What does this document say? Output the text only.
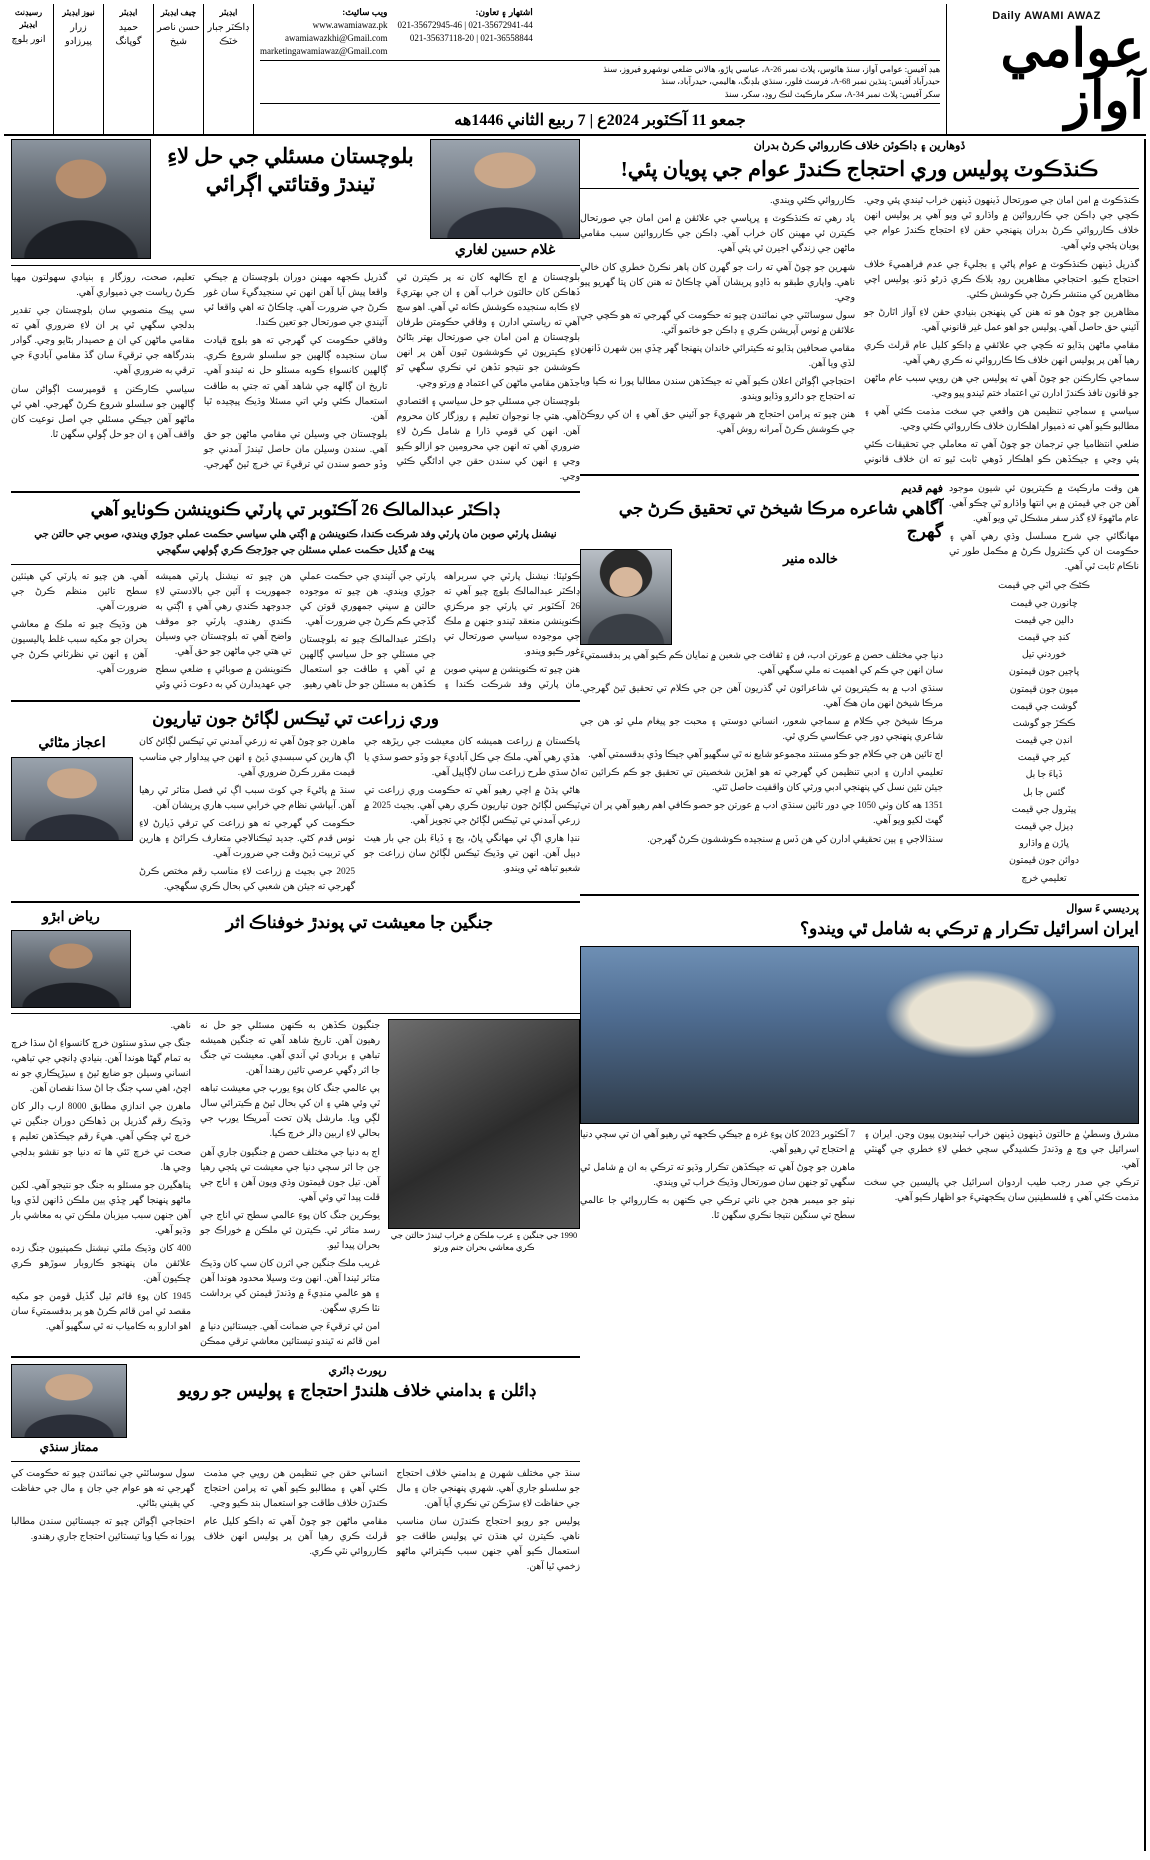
Daily AWAMI AWAZ
عوامي آواز
ويب سائيٽ:
www.awamiawaz.pk
awamiawazkhi@Gmail.com
marketingawamiawaz@Gmail.com
اشتهار ۽ تعاون:
021-35672941-44 | 021-35672945-46
021-36558844 | 021-35637118-20
هيڊ آفيس: عوامي آواز، سنڌ هائوس، پلاٽ نمبر A-26، عباسي پاڙو، هالاني ضلعي نوشهرو فيروز، سنڌ
حيدرآباد آفيس: پنڌين نمبر A-68، فرسٽ فلور، سنڌي بلڊنگ، هاليمي، حيدرآباد، سنڌ
سکر آفيس: پلاٽ نمبر 34-A، سکر مارڪيٽ لنڪ روڊ، سکر، سنڌ
جمعو 11 آڪٽوبر 2024ع | 7 ربيع الثاني 1446هه
ايڊيٽر
ڊاڪٽر جبار خٽڪ
چيف ايڊيٽر
حسن ناصر شيخ
ايڊيٽر
حميد گوپانگ
نيوز ايڊيٽر
زرار پيرزادو
رسيڊنٽ ايڊيٽر
انور بلوچ
ڏوهارين ۽ ڊاڪوئن خلاف ڪارروائي ڪرڻ بدران
ڪنڌڪوٽ پوليس وري احتجاج ڪندڙ عوام جي پويان پئي!

ڪنڌڪوٽ ۾ امن امان جي صورتحال ڏينهون ڏينهن خراب ٿيندي پئي وڃي. ڪچي جي ڊاڪن جي ڪارروائين ۾ واڌارو ٿي ويو آهي پر پوليس انهن خلاف ڪارروائي ڪرڻ بدران پنهنجي حقن لاءِ احتجاج ڪندڙ عوام جي پويان پئجي وئي آهي.

گذريل ڏينهن ڪنڌڪوٽ ۾ عوام پاڻي ۽ بجليءَ جي عدم فراهميءَ خلاف احتجاج ڪيو. احتجاجي مظاهرين روڊ بلاڪ ڪري ڌرڻو ڏنو. پوليس اچي مظاهرين کي منتشر ڪرڻ جي ڪوشش ڪئي.

مظاهرين جو چوڻ هو ته هنن کي پنهنجن بنيادي حقن لاءِ آواز اٿارڻ جو آئيني حق حاصل آهي. پوليس جو اهو عمل غير قانوني آهي.

مقامي ماڻهن ٻڌايو ته ڪچي جي علائقي ۾ ڊاڪو کليل عام ڦرلٽ ڪري رهيا آهن پر پوليس انهن خلاف ڪا ڪارروائي نه ڪري رهي آهي.

سماجي ڪارڪنن جو چوڻ آهي ته پوليس جي هن رويي سبب عام ماڻهن جو قانون نافذ ڪندڙ ادارن تي اعتماد ختم ٿيندو پيو وڃي.

سياسي ۽ سماجي تنظيمن هن واقعي جي سخت مذمت ڪئي آهي ۽ مطالبو ڪيو آهي ته ذميوار اهلڪارن خلاف ڪارروائي ڪئي وڃي.

ضلعي انتظاميا جي ترجمان جو چوڻ آهي ته معاملي جي تحقيقات ڪئي پئي وڃي ۽ جيڪڏهن ڪو اهلڪار ڏوهي ثابت ٿيو ته ان خلاف قانوني ڪارروائي ڪئي ويندي.

ياد رهي ته ڪنڌڪوٽ ۽ ڀرپاسي جي علائقن ۾ امن امان جي صورتحال ڪيترن ئي مهينن کان خراب آهي. ڊاڪن جي ڪارروائين سبب مقامي ماڻهن جي زندگي اجيرن ٿي پئي آهي.

شهرين جو چوڻ آهي ته رات جو گهرن کان ٻاهر نڪرڻ خطري کان خالي ناهي. واپاري طبقو به ڏاڍو پريشان آهي ڇاڪاڻ ته هنن کان ڀتا گهريو پيو وڃي.

سول سوسائٽي جي نمائندن چيو ته حڪومت کي گهرجي ته هو ڪچي جي علائقن ۾ ٺوس آپريشن ڪري ۽ ڊاڪن جو خاتمو آڻي.

مقامي صحافين ٻڌايو ته ڪيترائي خاندان پنهنجا گهر ڇڏي ٻين شهرن ڏانهن لڏي ويا آهن.

احتجاجي اڳواڻن اعلان ڪيو آهي ته جيڪڏهن سندن مطالبا پورا نه ڪيا ويا ته احتجاج جو دائرو وڌايو ويندو.

هنن چيو ته پرامن احتجاج هر شهريءَ جو آئيني حق آهي ۽ ان کي روڪڻ جي ڪوشش ڪرڻ آمرانه روش آهي.

هن وقت مارڪيٽ ۾ ڪيتريون ئي شيون موجود آهن جن جي قيمتن ۾ بي انتها واڌارو ٿي چڪو آهي. عام ماڻهوءَ لاءِ گذر سفر مشڪل ٿي ويو آهي.

مهانگائي جي شرح مسلسل وڌي رهي آهي ۽ حڪومت ان کي ڪنٽرول ڪرڻ ۾ مڪمل طور تي ناڪام ثابت ٿي آهي.

ڪڻڪ جي اٽي جي قيمت
چانورن جي قيمت
دالين جي قيمت
کنڊ جي قيمت
خوردني تيل
ڀاڄين جون قيمتون
ميون جون قيمتون
گوشت جي قيمت
ڪڪڙ جو گوشت
انڊن جي قيمت
کير جي قيمت
ڏياءَ جا بل
گئس جا بل
پيٽرول جي قيمت
ڊيزل جي قيمت
ڀاڙن ۾ واڌارو
دوائن جون قيمتون
تعليمي خرچ
فهم قديم
آگاهي شاعره مرڪا شيخڻ تي تحقيق ڪرڻ جي گهرج
خالده منير

دنيا جي مختلف حصن ۾ عورتن ادب، فن ۽ ثقافت جي شعبن ۾ نمايان ڪم ڪيو آهي پر بدقسمتيءَ سان انهن جي ڪم کي اهميت نه ملي سگهي آهي.

سنڌي ادب ۾ به ڪيتريون ئي شاعرائون ٿي گذريون آهن جن جي ڪلام تي تحقيق ٿيڻ گهرجي. مرڪا شيخڻ انهن مان هڪ آهي.

مرڪا شيخڻ جي ڪلام ۾ سماجي شعور، انساني دوستي ۽ محبت جو پيغام ملي ٿو. هن جي شاعري پنهنجي دور جي عڪاسي ڪري ٿي.

اڄ تائين هن جي ڪلام جو ڪو مستند مجموعو شايع نه ٿي سگهيو آهي جيڪا وڏي بدقسمتي آهي.

تعليمي ادارن ۽ ادبي تنظيمن کي گهرجي ته هو اهڙين شخصيتن تي تحقيق جو ڪم ڪرائين ته جيئن نئين نسل کي پنهنجي ادبي ورثي کان واقفيت حاصل ٿئي.

1351 هه کان وٺي 1050 جي دور تائين سنڌي ادب ۾ عورتن جو حصو ڪافي اهم رهيو آهي پر ان تي گهٽ لکيو ويو آهي.

سنڌالاجي ۽ ٻين تحقيقي ادارن کي هن ڏس ۾ سنجيده ڪوششون ڪرڻ گهرجن.

پرديسي ءَ سوال
ايران اسرائيل تڪرار ۾ ترڪي به شامل ٿي ويندو؟

مشرق وسطيٰ ۾ حالتون ڏينهون ڏينهن خراب ٿينديون پيون وڃن. ايران ۽ اسرائيل جي وچ ۾ وڌندڙ ڪشيدگي سڄي خطي لاءِ خطري جي گهنٽي آهي.

ترڪي جي صدر رجب طيب اردوان اسرائيل جي پاليسين جي سخت مذمت ڪئي آهي ۽ فلسطينين سان يڪجهتيءَ جو اظهار ڪيو آهي.

7 آڪٽوبر 2023 کان پوءِ غزه ۾ جيڪي ڪجهه ٿي رهيو آهي ان تي سڄي دنيا ۾ احتجاج ٿي رهيو آهي.

ماهرن جو چوڻ آهي ته جيڪڏهن تڪرار وڌيو ته ترڪي به ان ۾ شامل ٿي سگهي ٿو جنهن سان صورتحال وڌيڪ خراب ٿي ويندي.

نيٽو جو ميمبر هجڻ جي ناتي ترڪي جي ڪنهن به ڪارروائي جا عالمي سطح تي سنگين نتيجا نڪري سگهن ٿا.

غلام حسين لغاري
بلوچستان مسئلي جي حل لاءِ ٽيندڙ وقتائتي اڳرائي

بلوچستان ۾ اڄ ڪالهه کان نه پر ڪيترن ئي ڏهاڪن کان حالتون خراب آهن ۽ ان جي بهتريءَ لاءِ ڪابه سنجيده ڪوشش ڪانه ٿي آهي. اهو سچ آهي ته رياستي ادارن ۽ وفاقي حڪومتن طرفان بلوچستان ۾ امن امان جي صورتحال بهتر بڻائڻ لاءِ ڪيتريون ئي ڪوششون ٿيون آهن پر انهن ڪوششن جو نتيجو تڏهن ئي نڪري سگهي ٿو جڏهن مقامي ماڻهن کي اعتماد ۾ ورتو وڃي.

بلوچستان جي مسئلي جو حل سياسي ۽ اقتصادي آهي. هتي جا نوجوان تعليم ۽ روزگار کان محروم آهن. انهن کي قومي ڌارا ۾ شامل ڪرڻ لاءِ ضروري آهي ته انهن جي محرومين جو ازالو ڪيو وڃي ۽ انهن کي سندن حقن جي ادائگي ڪئي وڃي.

گذريل ڪجهه مهينن دوران بلوچستان ۾ جيڪي واقعا پيش آيا آهن انهن تي سنجيدگيءَ سان غور ڪرڻ جي ضرورت آهي. ڇاڪاڻ ته اهي واقعا ئي آئيندي جي صورتحال جو تعين ڪندا.

وفاقي حڪومت کي گهرجي ته هو بلوچ قيادت سان سنجيده ڳالهين جو سلسلو شروع ڪري. ڳالهين کانسواءِ ڪوبه مسئلو حل نه ٿيندو آهي. تاريخ ان ڳالهه جي شاهد آهي ته جتي به طاقت استعمال ڪئي وئي اتي مسئلا وڌيڪ پيچيده ٿيا آهن.

بلوچستان جي وسيلن تي مقامي ماڻهن جو حق آهي. سندن وسيلن مان حاصل ٿيندڙ آمدني جو وڏو حصو سندن ئي ترقيءَ تي خرچ ٿيڻ گهرجي. تعليم، صحت، روزگار ۽ بنيادي سهولتون مهيا ڪرڻ رياست جي ذميواري آهي.

سي پيڪ منصوبي سان بلوچستان جي تقدير بدلجي سگهي ٿي پر ان لاءِ ضروري آهي ته مقامي ماڻهن کي ان ۾ حصيدار بڻايو وڃي. گوادر بندرگاهه جي ترقيءَ سان گڏ مقامي آباديءَ جي ترقي به ضروري آهي.

سياسي ڪارڪنن ۽ قومپرست اڳواڻن سان ڳالهين جو سلسلو شروع ڪرڻ گهرجي. اهي ئي ماڻهو آهن جيڪي مسئلي جي اصل نوعيت کان واقف آهن ۽ ان جو حل ڳولي سگهن ٿا.

ڊاڪٽر عبدالمالڪ 26 آڪٽوبر تي پارٽي ڪنوينشن ڪوٺايو آهي
نيشنل پارٽي صوبن مان پارٽي وفد شرڪت ڪندا، ڪنوينشن ۾ اڳتي هلي سياسي حڪمت عملي جوڙي ويندي، صوبي جي حالتن جي ڀيٽ ۾ گڏيل حڪمت عملي مسئلن جي جوڙجڪ ڪري ڳولهي سگهجي

ڪوئيٽا: نيشنل پارٽي جي سربراهه ڊاڪٽر عبدالمالڪ بلوچ چيو آهي ته 26 آڪٽوبر تي پارٽي جو مرڪزي ڪنوينشن منعقد ٿيندو جنهن ۾ ملڪ جي موجوده سياسي صورتحال تي غور ڪيو ويندو.

هنن چيو ته ڪنوينشن ۾ سڀني صوبن مان پارٽي وفد شرڪت ڪندا ۽ پارٽي جي آئيندي جي حڪمت عملي جوڙي ويندي. هن چيو ته موجوده حالتن ۾ سڀني جمهوري قوتن کي گڏجي ڪم ڪرڻ جي ضرورت آهي.

ڊاڪٽر عبدالمالڪ چيو ته بلوچستان جي مسئلي جو حل سياسي ڳالهين ۾ ئي آهي ۽ طاقت جو استعمال ڪڏهن به مسئلن جو حل ناهي رهيو.

هن چيو ته نيشنل پارٽي هميشه جمهوريت ۽ آئين جي بالادستي لاءِ جدوجهد ڪندي رهي آهي ۽ اڳتي به ڪندي رهندي. پارٽي جو موقف واضح آهي ته بلوچستان جي وسيلن تي هتي جي ماڻهن جو حق آهي.

ڪنوينشن ۾ صوبائي ۽ ضلعي سطح جي عهديدارن کي به دعوت ڏني وئي آهي. هن چيو ته پارٽي کي هيٺئين سطح تائين منظم ڪرڻ جي ضرورت آهي.

هن وڌيڪ چيو ته ملڪ ۾ معاشي بحران جو مکيه سبب غلط پاليسيون آهن ۽ انهن تي نظرثاني ڪرڻ جي ضرورت آهي.

وري زراعت تي ٽيڪس لڳائڻ جون تياريون

پاڪستان ۾ زراعت هميشه کان معيشت جي ريڙهه جي هڏي رهي آهي. ملڪ جي ڪل آباديءَ جو وڏو حصو سڌي يا اڻ سڌي طرح زراعت سان لاڳاپيل آهي.

هاڻي ٻڌڻ ۾ اچي رهيو آهي ته حڪومت وري زراعت تي ٽيڪس لڳائڻ جون تياريون ڪري رهي آهي. بجيٽ 2025 ۾ زرعي آمدني تي ٽيڪس لڳائڻ جي تجويز آهي.

ننڍا هاري اڳ ئي مهانگي ڀاڻ، ٻج ۽ ڏياءَ بلن جي بار هيٺ دٻيل آهن. انهن تي وڌيڪ ٽيڪس لڳائڻ سان زراعت جو شعبو تباهه ٿي ويندو.

ماهرن جو چوڻ آهي ته زرعي آمدني تي ٽيڪس لڳائڻ کان اڳ هارين کي سبسڊي ڏيڻ ۽ انهن جي پيداوار جي مناسب قيمت مقرر ڪرڻ ضروري آهي.

سنڌ ۾ پاڻيءَ جي کوٽ سبب اڳ ئي فصل متاثر ٿي رهيا آهن. آبپاشي نظام جي خرابي سبب هاري پريشان آهن.

حڪومت کي گهرجي ته هو زراعت کي ترقي ڏيارڻ لاءِ ٺوس قدم کڻي. جديد ٽيڪنالاجي متعارف ڪرائڻ ۽ هارين کي تربيت ڏيڻ وقت جي ضرورت آهي.

2025 جي بجيٽ ۾ زراعت لاءِ مناسب رقم مختص ڪرڻ گهرجي ته جيئن هن شعبي کي بحال ڪري سگهجي.

اعجاز مڻائي
جنگين جا معيشت تي پوندڙ خوفناڪ اثر
رياض ابڙو
1990 جي جنگين ۽ عرب ملڪن ۾ خراب ٿيندڙ حالتن جي ڪري معاشي بحران جنم ورتو

جنگيون ڪڏهن به ڪنهن مسئلي جو حل نه رهيون آهن. تاريخ شاهد آهي ته جنگين هميشه تباهي ۽ بربادي ئي آندي آهي. معيشت تي جنگ جا اثر ڊگهي عرصي تائين رهندا آهن.

ٻي عالمي جنگ کان پوءِ يورپ جي معيشت تباهه ٿي وئي هئي ۽ ان کي بحال ٿيڻ ۾ ڪيترائي سال لڳي ويا. مارشل پلان تحت آمريڪا يورپ جي بحالي لاءِ اربين ڊالر خرچ ڪيا.

اڄ به دنيا جي مختلف حصن ۾ جنگيون جاري آهن جن جا اثر سڄي دنيا جي معيشت تي پئجي رهيا آهن. تيل جون قيمتون وڌي ويون آهن ۽ اناج جي قلت پيدا ٿي وئي آهي.

يوڪرين جنگ کان پوءِ عالمي سطح تي اناج جي رسد متاثر ٿي. ڪيترن ئي ملڪن ۾ خوراڪ جو بحران پيدا ٿيو.

غريب ملڪ جنگين جي اثرن کان سڀ کان وڌيڪ متاثر ٿيندا آهن. انهن وٽ وسيلا محدود هوندا آهن ۽ هو عالمي منڊيءَ ۾ وڌندڙ قيمتن کي برداشت نٿا ڪري سگهن.

امن ئي ترقيءَ جي ضمانت آهي. جيستائين دنيا ۾ امن قائم نه ٿيندو تيستائين معاشي ترقي ممڪن ناهي.

جنگ جي سڌو سنئون خرچ کانسواءِ اڻ سڌا خرچ به تمام گهڻا هوندا آهن. بنيادي ڍانچي جي تباهي، انساني وسيلن جو ضايع ٿيڻ ۽ سيڙپڪاري جو نه اچڻ، اهي سڀ جنگ جا اڻ سڌا نقصان آهن.

ماهرن جي اندازي مطابق 8000 ارب ڊالر کان وڌيڪ رقم گذريل ٻن ڏهاڪن دوران جنگين تي خرچ ٿي چڪي آهي. هيءَ رقم جيڪڏهن تعليم ۽ صحت تي خرچ ٿئي ها ته دنيا جو نقشو بدلجي وڃي ها.

پناهگيرن جو مسئلو به جنگ جو نتيجو آهي. لکين ماڻهو پنهنجا گهر ڇڏي ٻين ملڪن ڏانهن لڏي ويا آهن جنهن سبب ميزبان ملڪن تي به معاشي بار وڌيو آهي.

400 کان وڌيڪ ملٽي نيشنل ڪمپنيون جنگ زده علائقن مان پنهنجو ڪاروبار سوڙهو ڪري چڪيون آهن.

1945 کان پوءِ قائم ٿيل گڏيل قومن جو مکيه مقصد ئي امن قائم ڪرڻ هو پر بدقسمتيءَ سان اهو ادارو به ڪامياب نه ٿي سگهيو آهي.

رپورٽ ڊائري
ڊائلن ۽ بدامني خلاف هلندڙ احتجاج ۽ پوليس جو رويو
ممتاز سنڌي

سنڌ جي مختلف شهرن ۾ بدامني خلاف احتجاج جو سلسلو جاري آهي. شهري پنهنجي جان ۽ مال جي حفاظت لاءِ سڙڪن تي نڪري آيا آهن.

پوليس جو رويو احتجاج ڪندڙن سان مناسب ناهي. ڪيترن ئي هنڌن تي پوليس طاقت جو استعمال ڪيو آهي جنهن سبب ڪيترائي ماڻهو زخمي ٿيا آهن.

انساني حقن جي تنظيمن هن رويي جي مذمت ڪئي آهي ۽ مطالبو ڪيو آهي ته پرامن احتجاج ڪندڙن خلاف طاقت جو استعمال بند ڪيو وڃي.

مقامي ماڻهن جو چوڻ آهي ته ڊاڪو کليل عام ڦرلٽ ڪري رهيا آهن پر پوليس انهن خلاف ڪارروائي نٿي ڪري.

سول سوسائٽي جي نمائندن چيو ته حڪومت کي گهرجي ته هو عوام جي جان ۽ مال جي حفاظت کي يقيني بڻائي.

احتجاجي اڳواڻن چيو ته جيستائين سندن مطالبا پورا نه ڪيا ويا تيستائين احتجاج جاري رهندو.
